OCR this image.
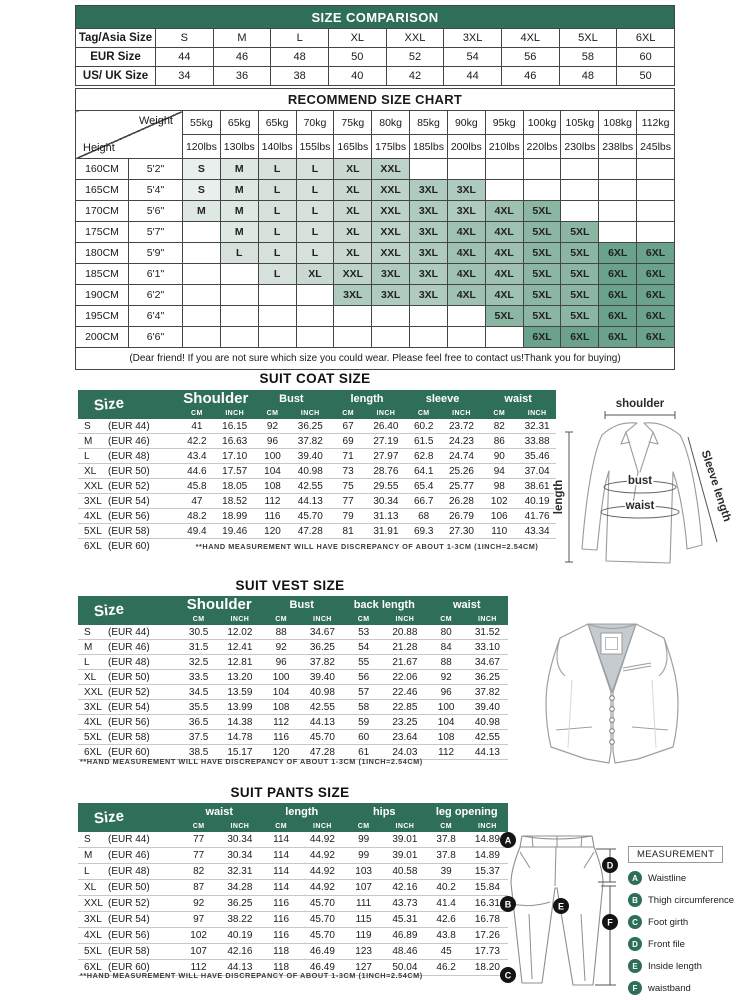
SIZE COMPARISON									
Tag/Asia Size	S	M	L	XL	XXL	3XL	4XL	5XL	6XL
EUR Size	44	46	48	50	52	54	56	58	60
US/ UK Size	34	36	38	40	42	44	46	48	50
RECOMMEND SIZE CHART														

Weight
Height		55kg	65kg	65kg	70kg	75kg	80kg	85kg	90kg	95kg	100kg	105kg	108kg	112kg
		120lbs	130lbs	140lbs	155lbs	165lbs	175lbs	185lbs	200lbs	210lbs	220lbs	230lbs	238lbs	245lbs
160CM	5'2"	S	M	L	L	XL	XXL							
165CM	5'4"	S	M	L	L	XL	XXL	3XL	3XL					
170CM	5'6"	M	M	L	L	XL	XXL	3XL	3XL	4XL	5XL			
175CM	5'7"		M	L	L	XL	XXL	3XL	4XL	4XL	5XL	5XL		
180CM	5'9"		L	L	L	XL	XXL	3XL	4XL	4XL	5XL	5XL	6XL	6XL
185CM	6'1"			L	XL	XXL	3XL	3XL	4XL	4XL	5XL	5XL	6XL	6XL
190CM	6'2"					3XL	3XL	3XL	4XL	4XL	5XL	5XL	6XL	6XL
195CM	6'4"									5XL	5XL	5XL	6XL	6XL
200CM	6'6"										6XL	6XL	6XL	6XL
(Dear friend! If you are not sure which size you could wear. Please feel free to contact us!Thank you for buying)														
SUIT COAT SIZE
Size	Shoulder		Bust		length		sleeve		waist	
	CM	INCH	CM	INCH	CM	INCH	CM	INCH	CM	INCH
S (EUR 44)	41	16.15	92	36.25	67	26.40	60.2	23.72	82	32.31
M (EUR 46)	42.2	16.63	96	37.82	69	27.19	61.5	24.23	86	33.88
L (EUR 48)	43.4	17.10	100	39.40	71	27.97	62.8	24.74	90	35.46
XL (EUR 50)	44.6	17.57	104	40.98	73	28.76	64.1	25.26	94	37.04
XXL (EUR 52)	45.8	18.05	108	42.55	75	29.55	65.4	25.77	98	38.61
3XL (EUR 54)	47	18.52	112	44.13	77	30.34	66.7	26.28	102	40.19
4XL (EUR 56)	48.2	18.99	116	45.70	79	31.13	68	26.79	106	41.76
5XL (EUR 58)	49.4	19.46	120	47.28	81	31.91	69.3	27.30	110	43.34
6XL (EUR 60)	**HAND MEASUREMENT WILL HAVE DISCREPANCY OF ABOUT 1-3CM (1INCH=2.54CM)									
shoulder
length	bust
waist	Sleeve length
SUIT VEST SIZE
Size	Shoulder		Bust		back length		waist	
	CM	INCH	CM	INCH	CM	INCH	CM	INCH
S (EUR 44)	30.5	12.02	88	34.67	53	20.88	80	31.52
M (EUR 46)	31.5	12.41	92	36.25	54	21.28	84	33.10
L (EUR 48)	32.5	12.81	96	37.82	55	21.67	88	34.67
XL (EUR 50)	33.5	13.20	100	39.40	56	22.06	92	36.25
XXL (EUR 52)	34.5	13.59	104	40.98	57	22.46	96	37.82
3XL (EUR 54)	35.5	13.99	108	42.55	58	22.85	100	39.40
4XL (EUR 56)	36.5	14.38	112	44.13	59	23.25	104	40.98
5XL (EUR 58)	37.5	14.78	116	45.70	60	23.64	108	42.55
6XL (EUR 60)	38.5	15.17	120	47.28	61	24.03	112	44.13
**HAND MEASUREMENT WILL HAVE DISCREPANCY OF ABOUT 1-3CM (1INCH=2.54CM)
SUIT PANTS SIZE
Size	waist		length		hips		leg opening	
	CM	INCH	CM	INCH	CM	INCH	CM	INCH
S (EUR 44)	77	30.34	114	44.92	99	39.01	37.8	14.89
M (EUR 46)	77	30.34	114	44.92	99	39.01	37.8	14.89
L (EUR 48)	82	32.31	114	44.92	103	40.58	39	15.37
XL (EUR 50)	87	34.28	114	44.92	107	42.16	40.2	15.84
XXL (EUR 52)	92	36.25	116	45.70	111	43.73	41.4	16.31
3XL (EUR 54)	97	38.22	116	45.70	115	45.31	42.6	16.78
4XL (EUR 56)	102	40.19	116	45.70	119	46.89	43.8	17.26
5XL (EUR 58)	107	42.16	118	46.49	123	48.46	45	17.73
6XL (EUR 60)	112	44.13	118	46.49	127	50.04	46.2	18.20
**HAND MEASUREMENT WILL HAVE DISCREPANCY OF ABOUT 1-3CM (1INCH=2.54CM)
A
B
C
D
E
F
MEASUREMENT
A	Waistline
B	Thigh circumference
C	Foot girth
D	Front file
E	Inside length
F	waistband
